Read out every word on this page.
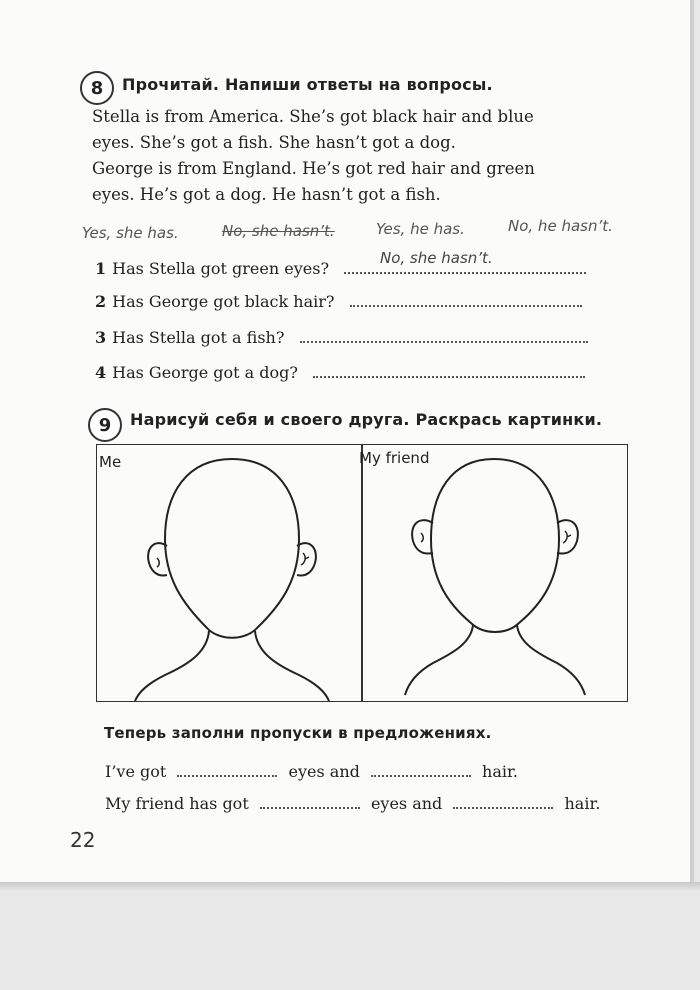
8	Прочитай. Напиши ответы на вопросы.
Stella is from America. She’s got black hair and blue
eyes. She’s got a fish. She hasn’t got a dog.
George is from England. He’s got red hair and green
eyes. He’s got a dog. He hasn’t got a fish.
Yes, she has.	No, she hasn’t.	Yes, he has.	No, he hasn’t.
1 Has Stella got green eyes?
No, she hasn’t.
2 Has George got black hair?
3 Has Stella got a fish?
4 Has George got a dog?
9	Нарисуй себя и своего друга. Раскрась картинки.
Me	My friend
Теперь заполни пропуски в предложениях.
I’ve got	eyes and	hair.
My friend has got	eyes and	hair.
22
